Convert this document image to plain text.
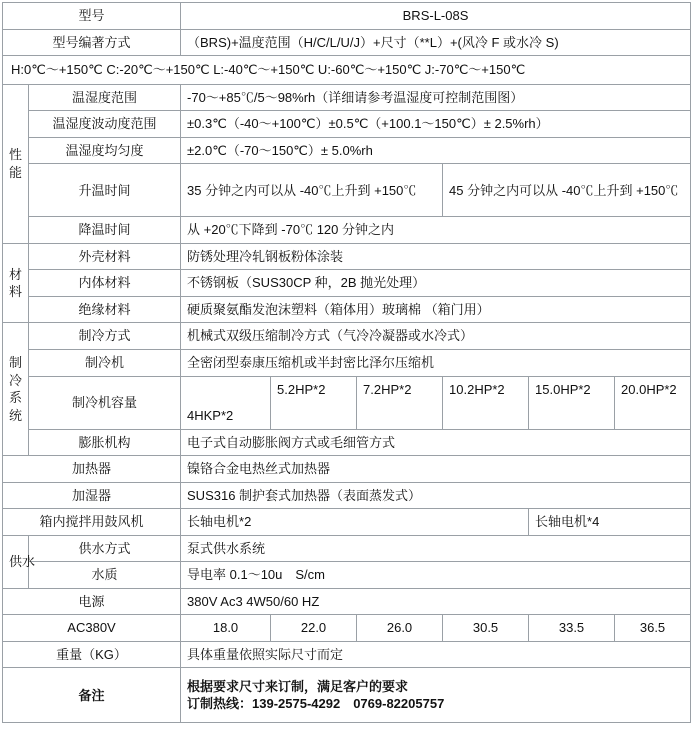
型号		BRS-L-08S					
型号编著方式		（BRS)+温度范围（H/C/L/U/J）+尺寸（**L）+(风冷 F 或水冷 S)					
H:0℃～+150℃ C:-20℃～+150℃ L:-40℃～+150℃ U:-60℃～+150℃ J:-70℃～+150℃							

性
能	温湿度范围	-70～+85℃/5～98%rh（详细请参考温湿度可控制范围图）					
	温湿度波动度范围	±0.3℃（-40～+100℃）±0.5℃（+100.1～150℃）± 2.5%rh）					
	温湿度均匀度	±2.0℃（-70～150℃）± 5.0%rh					
	升温时间	35 分钟之内可以从 -40℃上升到 +150℃			45 分钟之内可以从 -40℃上升到 +150℃		
	降温时间	从 +20℃下降到 -70℃ 120 分钟之内					

材
料	外壳材料	防锈处理冷轧钢板粉体涂装					
	内体材料	不锈钢板（SUS30CP 种，2B 抛光处理）					
	绝缘材料	硬质聚氨酯发泡沫塑料（箱体用）玻璃棉 （箱门用）					

制
冷
系
统	制冷方式	机械式双级压缩制冷方式（气冷冷凝器或水冷式）					
	制冷机	全密闭型泰康压缩机或半封密比泽尔压缩机					
	制冷机容量	4HKP*2	5.2HP*2	7.2HP*2	10.2HP*2	15.0HP*2	20.0HP*2
	膨胀机构	电子式自动膨胀阀方式或毛细管方式					
加热器		镍铬合金电热丝式加热器					
加湿器		SUS316 制护套式加热器（表面蒸发式）					
箱内搅拌用鼓风机		长轴电机*2				长轴电机*4	
供水	供水方式	泵式供水系统					
	水质	导电率 0.1～10u　S/cm					
电源		380V Ac3 4W50/60 HZ					
AC380V		18.0	22.0	26.0	30.5	33.5	36.5
重量（KG）		具体重量依照实际尺寸而定					
备注		根据要求尺寸来订制，满足客户的要求
订制热线：139-2575-4292　0769-82205757					
